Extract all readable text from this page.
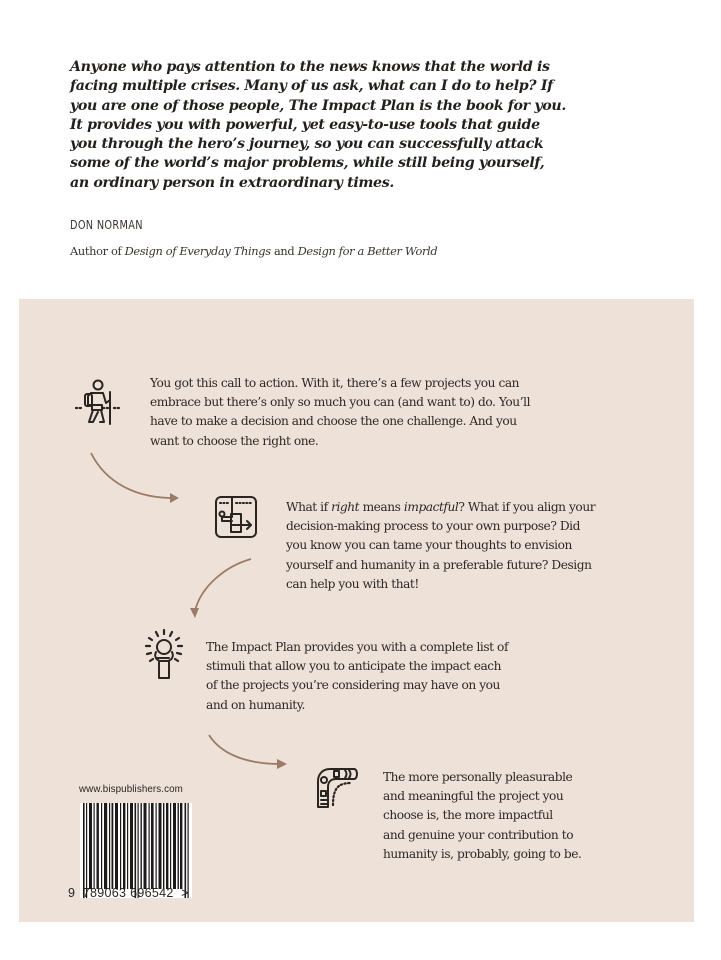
Anyone who pays attention to the news knows that the world is
facing multiple crises. Many of us ask, what can I do to help? If
you are one of those people, The Impact Plan is the book for you.
It provides you with powerful, yet easy-to-use tools that guide
you through the hero’s journey, so you can successfully attack
some of the world’s major problems, while still being yourself,
an ordinary person in extraordinary times.
DON NORMAN
Author of Design of Everyday Things and Design for a Better World
You got this call to action. With it, there’s a few projects you can
embrace but there’s only so much you can (and want to) do. You’ll
have to make a decision and choose the one challenge. And you
want to choose the right one.
What if right means impactful? What if you align your
decision-making process to your own purpose? Did
you know you can tame your thoughts to envision
yourself and humanity in a preferable future? Design
can help you with that!
The Impact Plan provides you with a complete list of
stimuli that allow you to anticipate the impact each
of the projects you’re considering may have on you
and on humanity.
The more personally pleasurable
and meaningful the project you
choose is, the more impactful
and genuine your contribution to
humanity is, probably, going to be.
www.bispublishers.com
9  789063 696542  >
